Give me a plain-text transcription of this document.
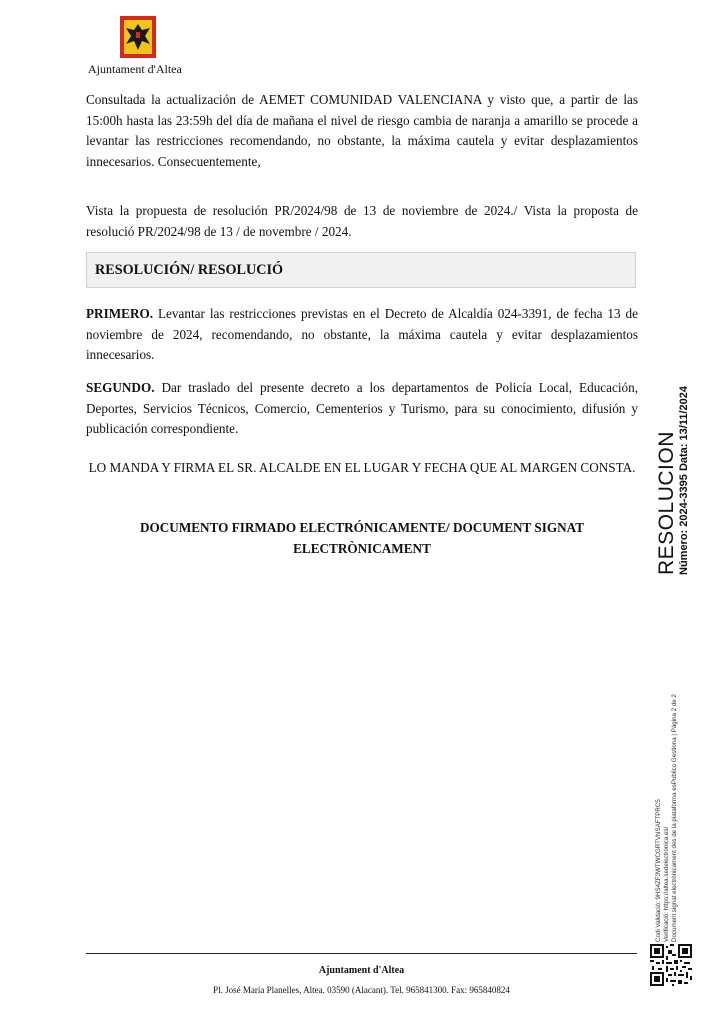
Ajuntament d'Altea

Consultada la actualización de AEMET COMUNIDAD VALENCIANA y visto que, a partir de las 15:00h hasta las 23:59h del día de mañana el nivel de riesgo cambia de naranja a amarillo se procede a levantar las restricciones recomendando, no obstante, la máxima cautela y evitar desplazamientos innecesarios. Consecuentemente,

Vista la propuesta de resolución PR/2024/98 de 13 de noviembre de 2024./ Vista la proposta de resolució PR/2024/98 de 13 / de novembre / 2024.

RESOLUCIÓN/ RESOLUCIÓ

PRIMERO. Levantar las restricciones previstas en el Decreto de Alcaldía 024-3391, de fecha 13 de noviembre de 2024, recomendando, no obstante, la máxima cautela y evitar desplazamientos innecesarios.

SEGUNDO. Dar traslado del presente decreto a los departamentos de Policía Local, Educación, Deportes, Servicios Técnicos, Comercio, Cementerios y Turismo, para su conocimiento, difusión y publicación correspondiente.

LO MANDA Y FIRMA EL SR. ALCALDE EN EL LUGAR Y FECHA QUE AL MARGEN CONSTA.

DOCUMENTO FIRMADO ELECTRÓNICAMENTE/ DOCUMENT SIGNAT ELECTRÒNICAMENT	RESOLUCION Número: 2024-3395 Data: 13/11/2024
Codi Validació: 9HS4ZF3WTWCGRTVNSAFTPRC5 Verificació: https://altea.sedelectronica.es/ Document signat electrònicament des de la plataforma esPublico Gestiona | Pàgina 2 de 2
Ajuntament d'Altea
Pl. José María Planelles, Altea. 03590 (Alacant). Tel. 965841300. Fax: 965840824
